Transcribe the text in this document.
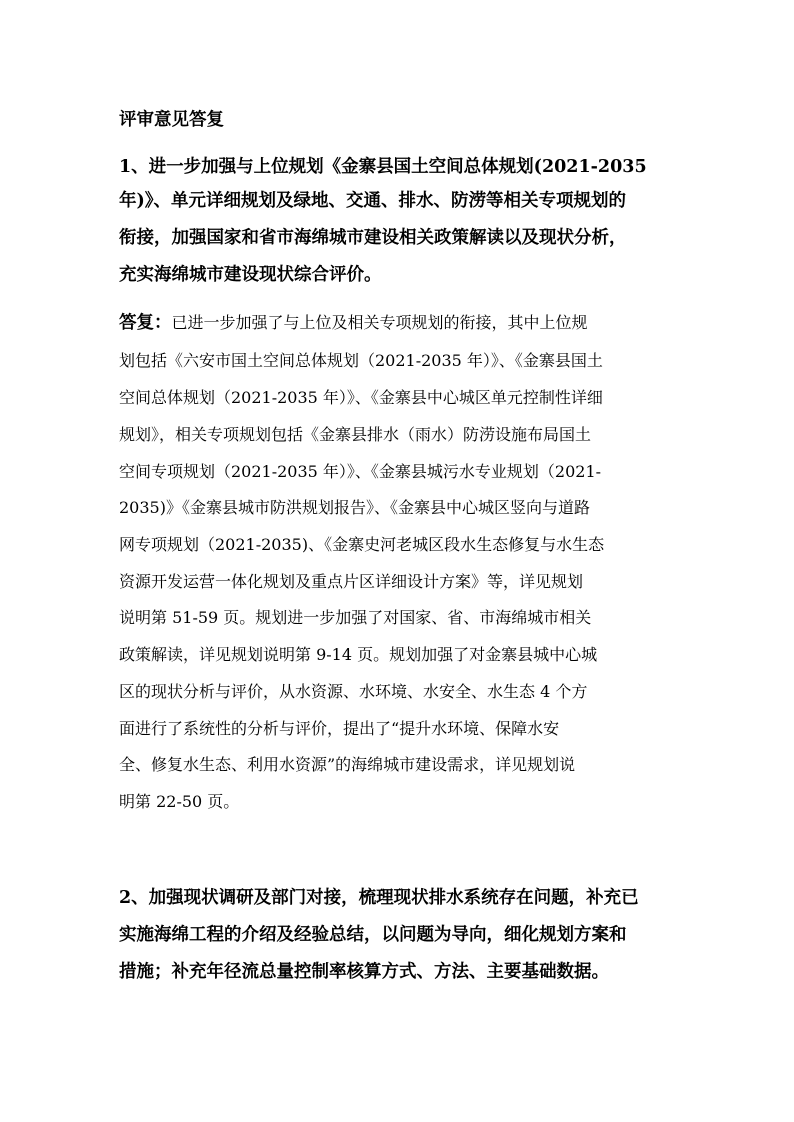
评审意见答复
1、进一步加强与上位规划《金寨县国土空间总体规划(2021-2035
年)》、单元详细规划及绿地、交通、排水、防涝等相关专项规划的
衔接，加强国家和省市海绵城市建设相关政策解读以及现状分析，
充实海绵城市建设现状综合评价。
答复：已进一步加强了与上位及相关专项规划的衔接，其中上位规
划包括《六安市国土空间总体规划（2021-2035 年）》、《金寨县国土
空间总体规划（2021-2035 年）》、《金寨县中心城区单元控制性详细
规划》，相关专项规划包括《金寨县排水（雨水）防涝设施布局国土
空间专项规划（2021-2035 年）》、《金寨县城污水专业规划（2021-
2035)》《金寨县城市防洪规划报告》、《金寨县中心城区竖向与道路
网专项规划（2021-2035)、《金寨史河老城区段水生态修复与水生态
资源开发运营一体化规划及重点片区详细设计方案》等，详见规划
说明第 51-59 页。规划进一步加强了对国家、省、市海绵城市相关
政策解读，详见规划说明第 9-14 页。规划加强了对金寨县城中心城
区的现状分析与评价，从水资源、水环境、水安全、水生态 4 个方
面进行了系统性的分析与评价，提出了“提升水环境、保障水安
全、修复水生态、利用水资源”的海绵城市建设需求，详见规划说
明第 22-50 页。
2、加强现状调研及部门对接，梳理现状排水系统存在问题，补充已
实施海绵工程的介绍及经验总结，以问题为导向，细化规划方案和
措施；补充年径流总量控制率核算方式、方法、主要基础数据。
